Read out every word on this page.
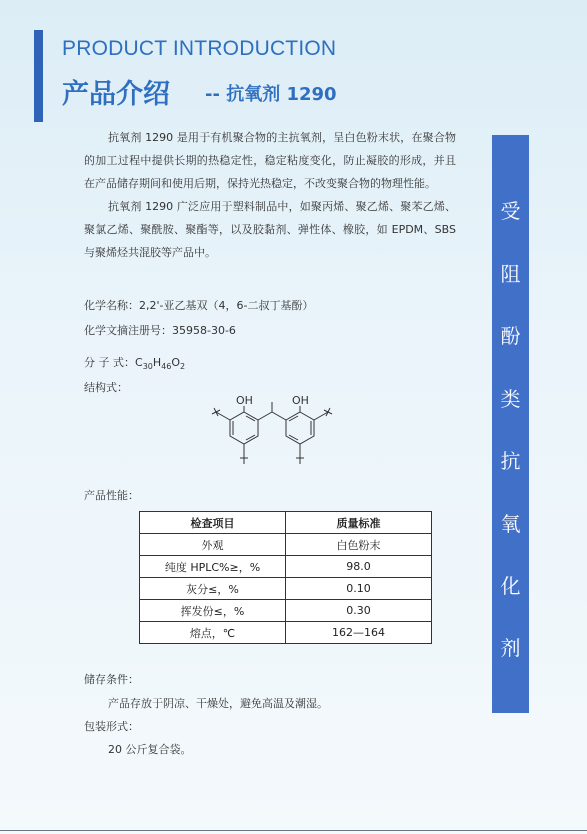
PRODUCT INTRODUCTION
产品介绍 -- 抗氧剂 1290
受
阻
酚
类
抗
氧
化
剂
抗氧剂 1290 是用于有机聚合物的主抗氧剂，呈白色粉末状，在聚合物的加工过程中提供长期的热稳定性，稳定粘度变化，防止凝胶的形成，并且在产品储存期间和使用后期，保持光热稳定，不改变聚合物的物理性能。
抗氧剂 1290 广泛应用于塑料制品中，如聚丙烯、聚乙烯、聚苯乙烯、聚氯乙烯、聚酰胺、聚酯等，以及胶黏剂、弹性体、橡胶，如 EPDM、SBS 与聚烯烃共混胶等产品中。
化学名称：2,2'-亚乙基双（4，6-二叔丁基酚）
化学文摘注册号：35958-30-6
分 子 式：$C_{30}H_{46}O_2$
结构式：
OH	OH
产品性能：
检查项目	质量标准
外观	白色粉末
纯度 HPLC%≥，%	98.0
灰分≤，%	0.10
挥发份≤，%	0.30
熔点，℃	162—164
储存条件：
产品存放于阴凉、干燥处，避免高温及潮湿。
包装形式：
20 公斤复合袋。
